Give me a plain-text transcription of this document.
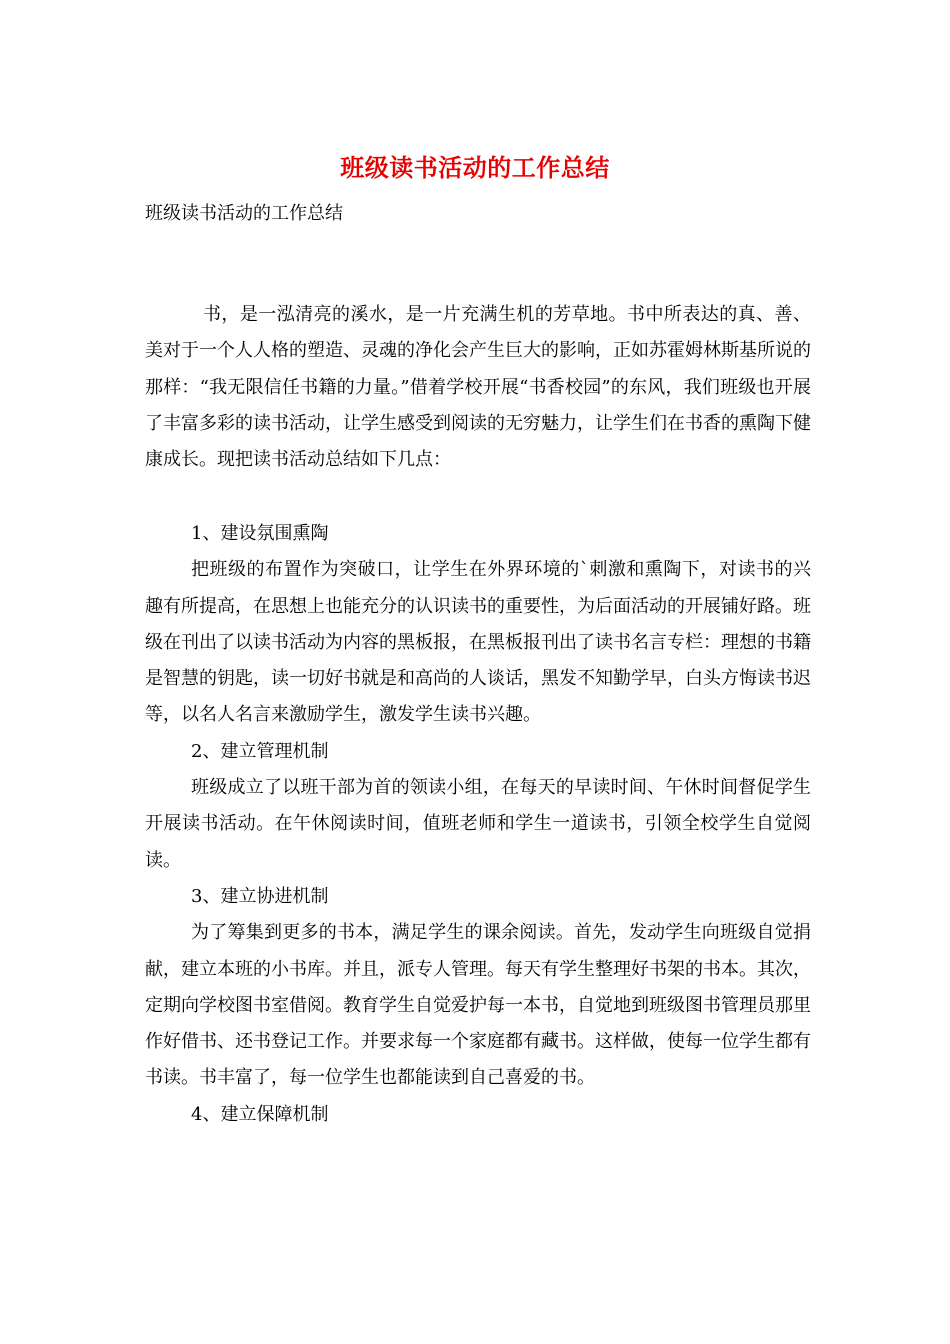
班级读书活动的工作总结
班级读书活动的工作总结
书，是一泓清亮的溪水，是一片充满生机的芳草地。书中所表达的真、善、美对于一个人人格的塑造、灵魂的净化会产生巨大的影响，正如苏霍姆林斯基所说的那样：“我无限信任书籍的力量。”借着学校开展“书香校园”的东风，我们班级也开展了丰富多彩的读书活动，让学生感受到阅读的无穷魅力，让学生们在书香的熏陶下健康成长。现把读书活动总结如下几点：
1、建设氛围熏陶
把班级的布置作为突破口，让学生在外界环境的`刺激和熏陶下，对读书的兴趣有所提高，在思想上也能充分的认识读书的重要性，为后面活动的开展铺好路。班级在刊出了以读书活动为内容的黑板报，在黑板报刊出了读书名言专栏：理想的书籍是智慧的钥匙，读一切好书就是和高尚的人谈话，黑发不知勤学早，白头方悔读书迟等，以名人名言来激励学生，激发学生读书兴趣。
2、建立管理机制
班级成立了以班干部为首的领读小组，在每天的早读时间、午休时间督促学生开展读书活动。在午休阅读时间，值班老师和学生一道读书，引领全校学生自觉阅读。
3、建立协进机制
为了筹集到更多的书本，满足学生的课余阅读。首先，发动学生向班级自觉捐献，建立本班的小书库。并且，派专人管理。每天有学生整理好书架的书本。其次，定期向学校图书室借阅。教育学生自觉爱护每一本书，自觉地到班级图书管理员那里作好借书、还书登记工作。并要求每一个家庭都有藏书。这样做，使每一位学生都有书读。书丰富了，每一位学生也都能读到自己喜爱的书。
4、建立保障机制
